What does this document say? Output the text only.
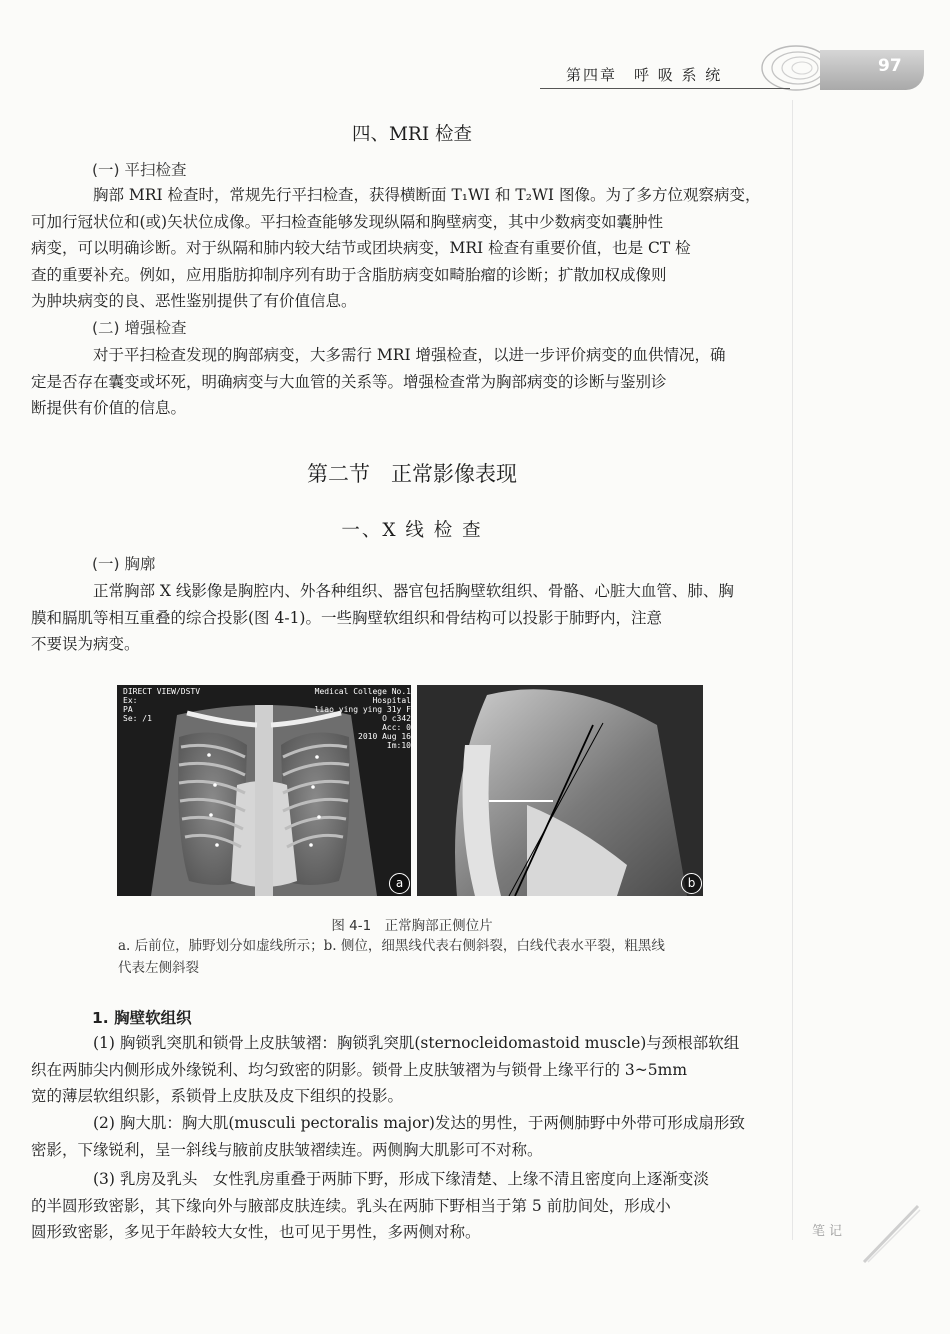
97
第四章　呼 吸 系 统
四、MRI 检查
(一) 平扫检查
胸部 MRI 检查时，常规先行平扫检查，获得横断面 T₁WI 和 T₂WI 图像。为了多方位观察病变，
可加行冠状位和(或)矢状位成像。平扫检查能够发现纵隔和胸壁病变，其中少数病变如囊肿性
病变，可以明确诊断。对于纵隔和肺内较大结节或团块病变，MRI 检查有重要价值，也是 CT 检
查的重要补充。例如，应用脂肪抑制序列有助于含脂肪病变如畸胎瘤的诊断；扩散加权成像则
为肿块病变的良、恶性鉴别提供了有价值信息。
(二) 增强检查
对于平扫检查发现的胸部病变，大多需行 MRI 增强检查，以进一步评价病变的血供情况，确
定是否存在囊变或坏死，明确病变与大血管的关系等。增强检查常为胸部病变的诊断与鉴别诊
断提供有价值的信息。
第二节　正常影像表现
一、X 线 检 查
(一) 胸廓
正常胸部 X 线影像是胸腔内、外各种组织、器官包括胸壁软组织、骨骼、心脏大血管、肺、胸
膜和膈肌等相互重叠的综合投影(图 4-1)。一些胸壁软组织和骨结构可以投影于肺野内，注意
不要误为病变。
DIRECT VIEW/DSTV
Ex:
PA
Se: /1
Medical College No.1 Hospital
liao ying ying 31y F
O c342
Acc: 0
2010 Aug 16
Im:10
a	b
图 4-1　正常胸部正侧位片
a. 后前位，肺野划分如虚线所示；b. 侧位，细黑线代表右侧斜裂，白线代表水平裂，粗黑线
代表左侧斜裂
1. 胸壁软组织
(1) 胸锁乳突肌和锁骨上皮肤皱褶：胸锁乳突肌(sternocleidomastoid muscle)与颈根部软组
织在两肺尖内侧形成外缘锐利、均匀致密的阴影。锁骨上皮肤皱褶为与锁骨上缘平行的 3~5mm
宽的薄层软组织影，系锁骨上皮肤及皮下组织的投影。
(2) 胸大肌：胸大肌(musculi pectoralis major)发达的男性，于两侧肺野中外带可形成扇形致
密影，下缘锐利，呈一斜线与腋前皮肤皱褶续连。两侧胸大肌影可不对称。
(3) 乳房及乳头　女性乳房重叠于两肺下野，形成下缘清楚、上缘不清且密度向上逐渐变淡
的半圆形致密影，其下缘向外与腋部皮肤连续。乳头在两肺下野相当于第 5 前肋间处，形成小
圆形致密影，多见于年龄较大女性，也可见于男性，多两侧对称。	笔记
